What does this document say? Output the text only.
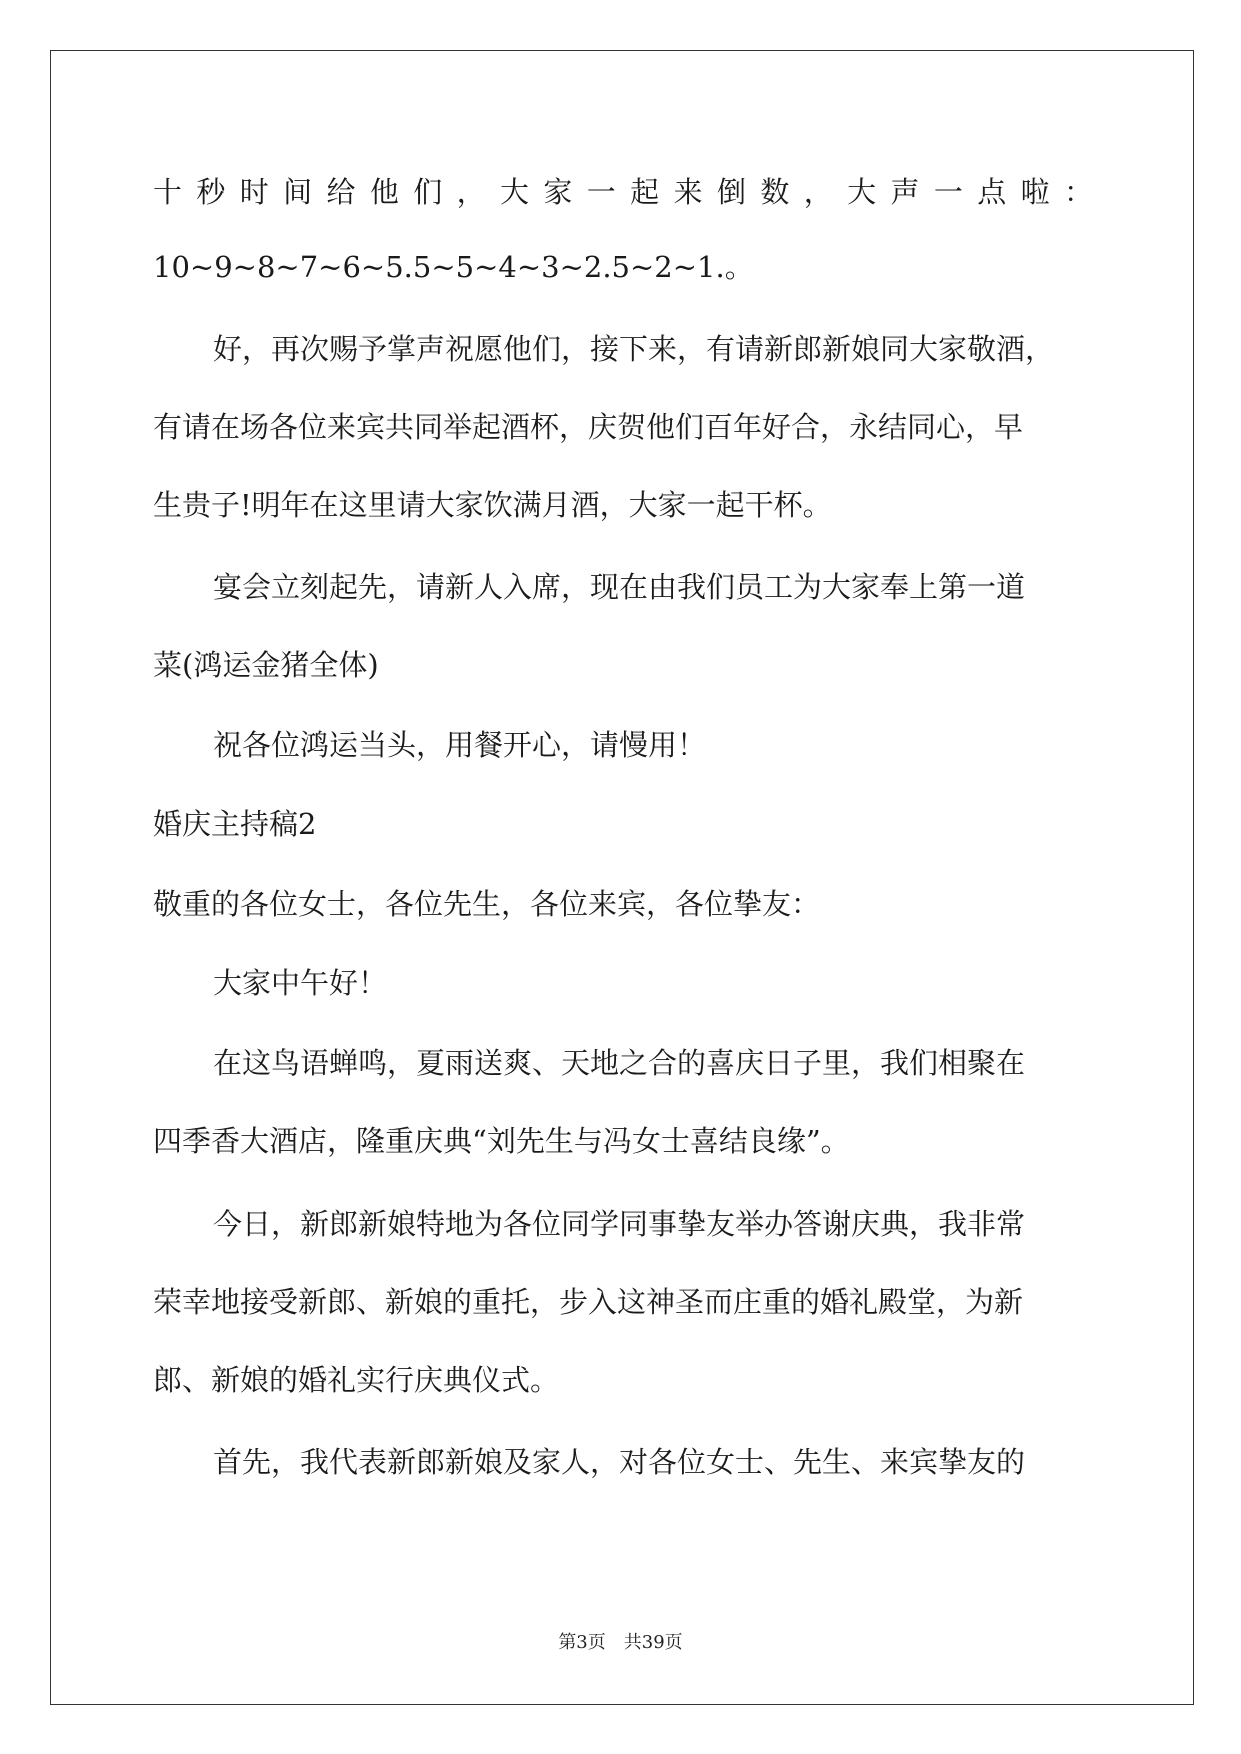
十 秒 时 间 给 他 们 ， 大 家 一 起 来 倒 数 ， 大 声 一 点 啦 ：
10~9~8~7~6~5.5~5~4~3~2.5~2~1.。
好，再次赐予掌声祝愿他们，接下来，有请新郎新娘同大家敬酒，
有请在场各位来宾共同举起酒杯，庆贺他们百年好合，永结同心，早
生贵子!明年在这里请大家饮满月酒，大家一起干杯。
宴会立刻起先，请新人入席，现在由我们员工为大家奉上第一道
菜(鸿运金猪全体)
祝各位鸿运当头，用餐开心，请慢用！
婚庆主持稿2
敬重的各位女士，各位先生，各位来宾，各位挚友：
大家中午好！
在这鸟语蝉鸣，夏雨送爽、天地之合的喜庆日子里，我们相聚在
四季香大酒店，隆重庆典“刘先生与冯女士喜结良缘”。
今日，新郎新娘特地为各位同学同事挚友举办答谢庆典，我非常
荣幸地接受新郎、新娘的重托，步入这神圣而庄重的婚礼殿堂，为新
郎、新娘的婚礼实行庆典仪式。
首先，我代表新郎新娘及家人，对各位女士、先生、来宾挚友的
第3页　共39页
